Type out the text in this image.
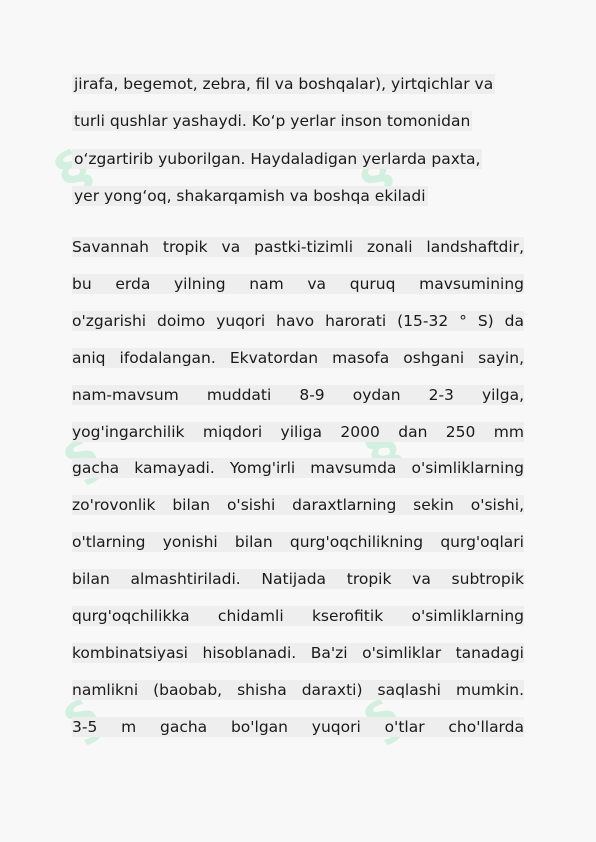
§	§
§
jirafa, begemot, zebra, fil va boshqalar), yirtqichlar va
turli qushlar yashaydi. Ko‘p yerlar inson tomonidan
o‘zgartirib yuborilgan. Haydaladigan yerlarda paxta,
yer yong‘oq, shakarqamish va boshqa ekiladi
Savannah tropik va pastki-tizimli zonali landshaftdir,
bu erda yilning nam va quruq mavsumining
o'zgarishi doimo yuqori havo harorati (15-32 ° S) da
aniq ifodalangan. Ekvatordan masofa oshgani sayin,
nam-mavsum muddati 8-9 oydan 2-3 yilga,
yog'ingarchilik miqdori yiliga 2000 dan 250 mm
gacha kamayadi. Yomg'irli mavsumda o'simliklarning
zo'rovonlik bilan o'sishi daraxtlarning sekin o'sishi,
o'tlarning yonishi bilan qurg'oqchilikning qurg'oqlari
bilan almashtiriladi. Natijada tropik va subtropik
qurg'oqchilikka chidamli kserofitik o'simliklarning
kombinatsiyasi hisoblanadi. Ba'zi o'simliklar tanadagi
namlikni (baobab, shisha daraxti) saqlashi mumkin.
3-5 m gacha bo'lgan yuqori o'tlar cho'llarda
